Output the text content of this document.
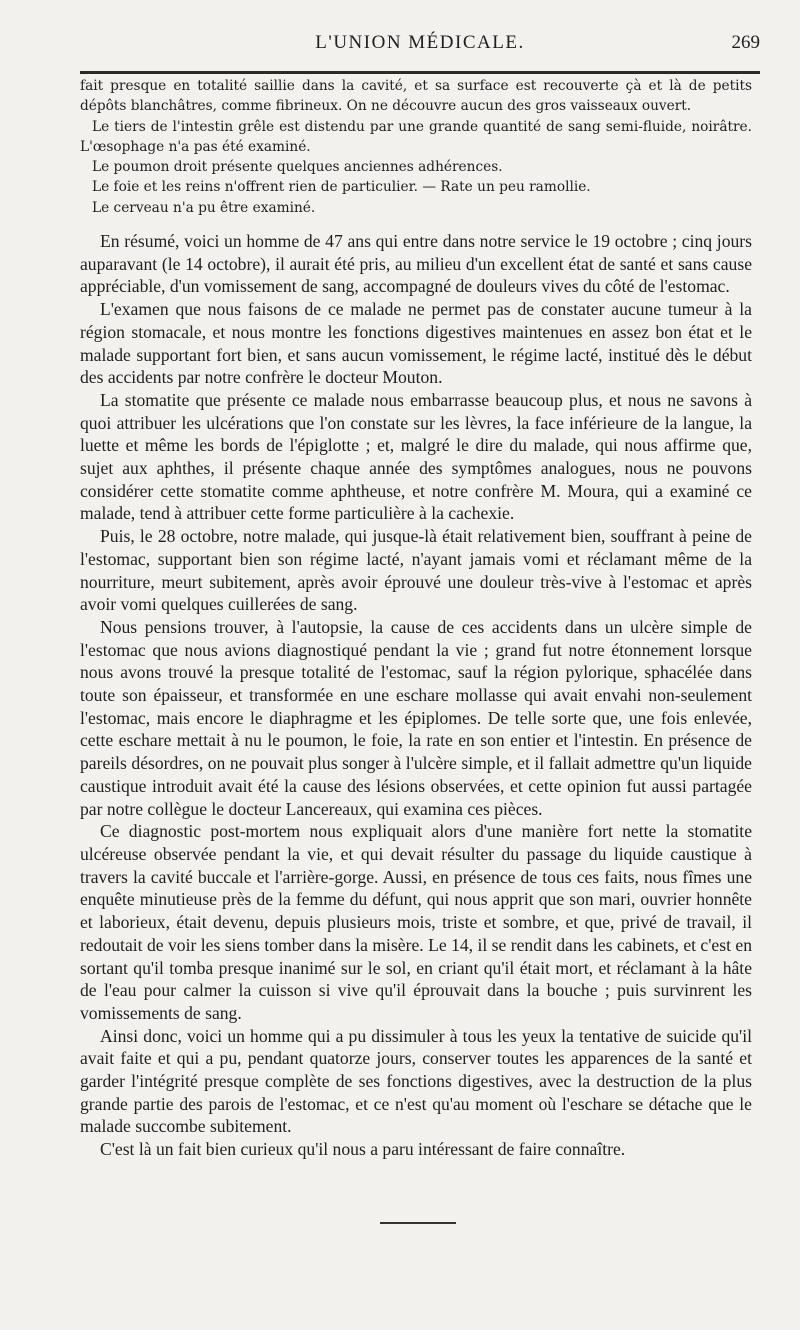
L'UNION MÉDICALE.	269

fait presque en totalité saillie dans la cavité, et sa surface est recouverte çà et là de petits dépôts blanchâtres, comme fibrineux. On ne découvre aucun des gros vaisseaux ouvert.

Le tiers de l'intestin grêle est distendu par une grande quantité de sang semi-fluide, noirâtre. L'œsophage n'a pas été examiné.

Le poumon droit présente quelques anciennes adhérences.

Le foie et les reins n'offrent rien de particulier. — Rate un peu ramollie.

Le cerveau n'a pu être examiné.

En résumé, voici un homme de 47 ans qui entre dans notre service le 19 octobre ; cinq jours auparavant (le 14 octobre), il aurait été pris, au milieu d'un excellent état de santé et sans cause appréciable, d'un vomissement de sang, accompagné de douleurs vives du côté de l'estomac.

L'examen que nous faisons de ce malade ne permet pas de constater aucune tumeur à la région stomacale, et nous montre les fonctions digestives maintenues en assez bon état et le malade supportant fort bien, et sans aucun vomissement, le régime lacté, institué dès le début des accidents par notre confrère le docteur Mouton.

La stomatite que présente ce malade nous embarrasse beaucoup plus, et nous ne savons à quoi attribuer les ulcérations que l'on constate sur les lèvres, la face inférieure de la langue, la luette et même les bords de l'épiglotte ; et, malgré le dire du malade, qui nous affirme que, sujet aux aphthes, il présente chaque année des symptômes analogues, nous ne pouvons considérer cette stomatite comme aphtheuse, et notre confrère M. Moura, qui a examiné ce malade, tend à attribuer cette forme particulière à la cachexie.

Puis, le 28 octobre, notre malade, qui jusque-là était relativement bien, souffrant à peine de l'estomac, supportant bien son régime lacté, n'ayant jamais vomi et réclamant même de la nourriture, meurt subitement, après avoir éprouvé une douleur très-vive à l'estomac et après avoir vomi quelques cuillerées de sang.

Nous pensions trouver, à l'autopsie, la cause de ces accidents dans un ulcère simple de l'estomac que nous avions diagnostiqué pendant la vie ; grand fut notre étonnement lorsque nous avons trouvé la presque totalité de l'estomac, sauf la région pylorique, sphacélée dans toute son épaisseur, et transformée en une eschare mollasse qui avait envahi non-seulement l'estomac, mais encore le diaphragme et les épiplomes. De telle sorte que, une fois enlevée, cette eschare mettait à nu le poumon, le foie, la rate en son entier et l'intestin. En présence de pareils désordres, on ne pouvait plus songer à l'ulcère simple, et il fallait admettre qu'un liquide caustique introduit avait été la cause des lésions observées, et cette opinion fut aussi partagée par notre collègue le docteur Lancereaux, qui examina ces pièces.

Ce diagnostic post-mortem nous expliquait alors d'une manière fort nette la stomatite ulcéreuse observée pendant la vie, et qui devait résulter du passage du liquide caustique à travers la cavité buccale et l'arrière-gorge. Aussi, en présence de tous ces faits, nous fîmes une enquête minutieuse près de la femme du défunt, qui nous apprit que son mari, ouvrier honnête et laborieux, était devenu, depuis plusieurs mois, triste et sombre, et que, privé de travail, il redoutait de voir les siens tomber dans la misère. Le 14, il se rendit dans les cabinets, et c'est en sortant qu'il tomba presque inanimé sur le sol, en criant qu'il était mort, et réclamant à la hâte de l'eau pour calmer la cuisson si vive qu'il éprouvait dans la bouche ; puis survinrent les vomissements de sang.

Ainsi donc, voici un homme qui a pu dissimuler à tous les yeux la tentative de suicide qu'il avait faite et qui a pu, pendant quatorze jours, conserver toutes les apparences de la santé et garder l'intégrité presque complète de ses fonctions digestives, avec la destruction de la plus grande partie des parois de l'estomac, et ce n'est qu'au moment où l'eschare se détache que le malade succombe subitement.

C'est là un fait bien curieux qu'il nous a paru intéressant de faire connaître.
